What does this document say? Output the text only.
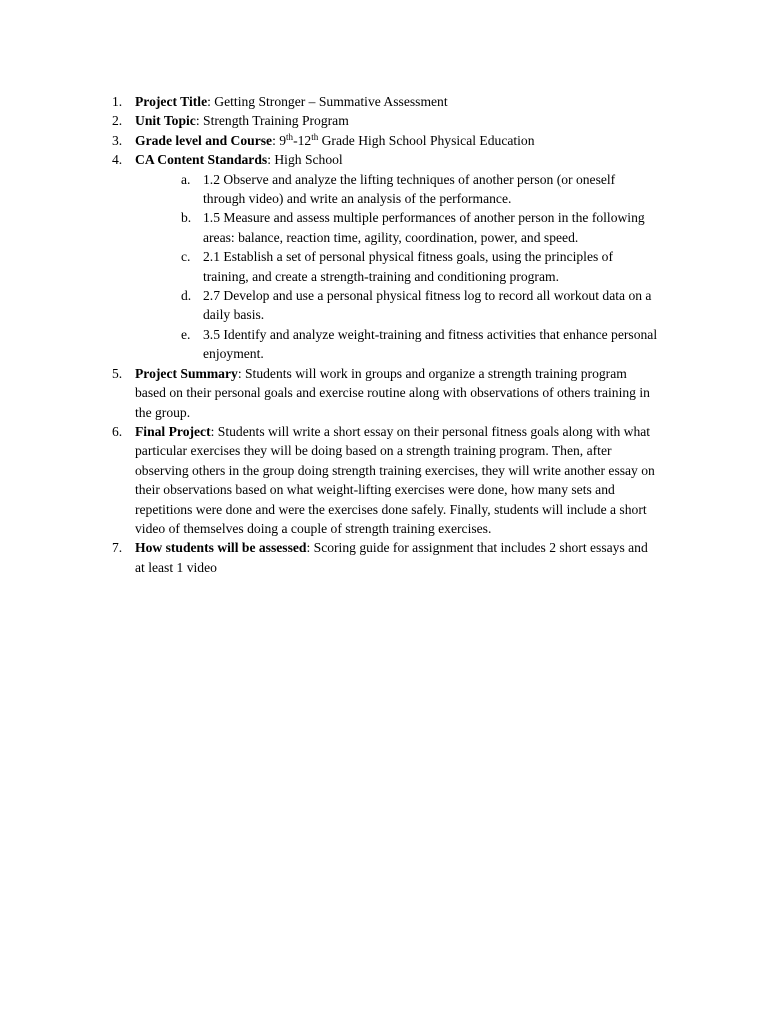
1. Project Title: Getting Stronger – Summative Assessment
2. Unit Topic: Strength Training Program
3. Grade level and Course: 9th-12th Grade High School Physical Education
4. CA Content Standards: High School
a. 1.2 Observe and analyze the lifting techniques of another person (or oneself through video) and write an analysis of the performance.
b. 1.5 Measure and assess multiple performances of another person in the following areas: balance, reaction time, agility, coordination, power, and speed.
c. 2.1 Establish a set of personal physical fitness goals, using the principles of training, and create a strength-training and conditioning program.
d. 2.7 Develop and use a personal physical fitness log to record all workout data on a daily basis.
e. 3.5 Identify and analyze weight-training and fitness activities that enhance personal enjoyment.
5. Project Summary: Students will work in groups and organize a strength training program based on their personal goals and exercise routine along with observations of others training in the group.
6. Final Project: Students will write a short essay on their personal fitness goals along with what particular exercises they will be doing based on a strength training program. Then, after observing others in the group doing strength training exercises, they will write another essay on their observations based on what weight-lifting exercises were done, how many sets and repetitions were done and were the exercises done safely. Finally, students will include a short video of themselves doing a couple of strength training exercises.
7. How students will be assessed: Scoring guide for assignment that includes 2 short essays and at least 1 video
